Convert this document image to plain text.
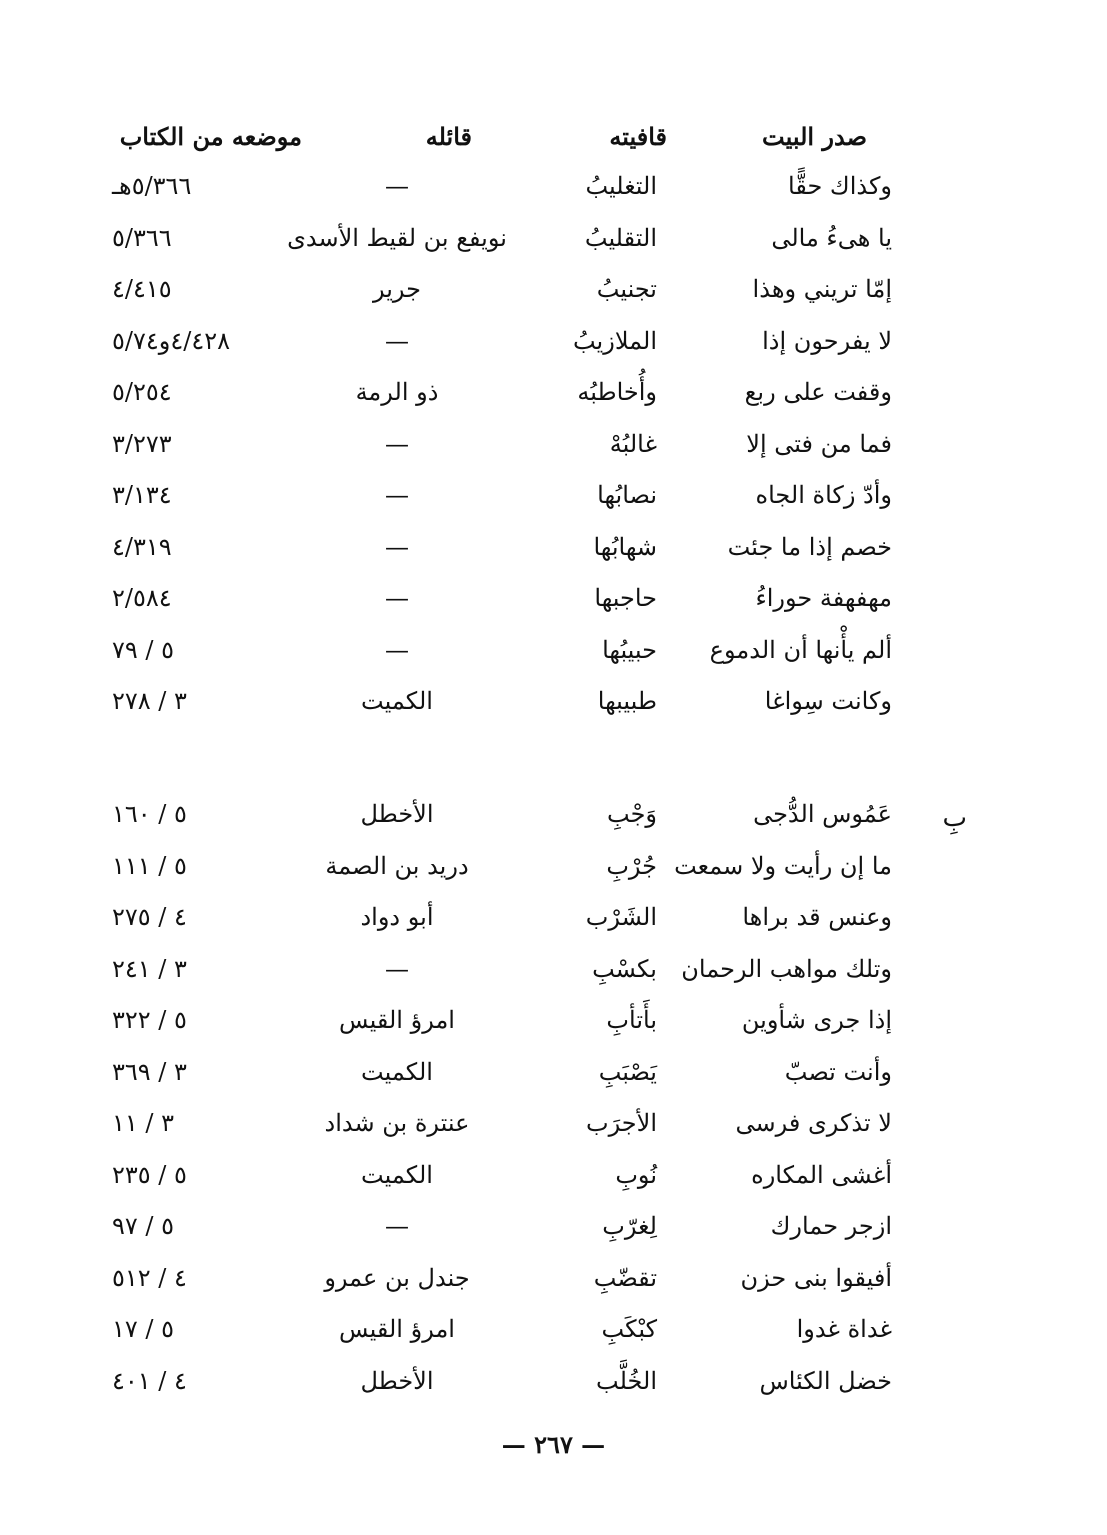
صدر البيت
قافيته
قائله
موضعه من الكتاب
بِ
وكذاك حقًّا
التغليبُ
—
٥/٣٦٦هـ
يا هىءُ مالى
التقليبُ
نويفع بن لقيط الأسدى
٥/٣٦٦
إمّا تريني وهذا
تجنيبُ
جرير
٤/٤١٥
لا يفرحون إذا
الملازيبُ
—
٤/٤٢٨و٥/٧٤
وقفت على ربع
وأُخاطبُه
ذو الرمة
٥/٢٥٤
فما من فتى إلا
غالبُهْ
—
٣/٢٧٣
وأدّ زكاة الجاه
نصابُها
—
٣/١٣٤
خصم إذا ما جئت
شهابُها
—
٤/٣١٩
مهفهفة حوراءُ
حاجبها
—
٢/٥٨٤
ألم يأْنها أن الدموع
حبيبُها
—
٥ / ٧٩
وكانت سِواغا
طبيبها
الكميت
٣ / ٢٧٨
عَمُوس الدُّجى
وَجْبِ
الأخطل
٥ / ١٦٠
ما إن رأيت ولا سمعت
جُرْبِ
دريد بن الصمة
٥ / ١١١
وعنس قد براها
الشَرْب
أبو دواد
٤ / ٢٧٥
وتلك مواهب الرحمان
بكسْبِ
—
٣ / ٢٤١
إذا جرى شأوين
بأَتأبِ
امرؤ القيس
٥ / ٣٢٢
وأنت تصبّ
يَصْبَبِ
الكميت
٣ / ٣٦٩
لا تذكرى فرسى
الأجرَب
عنترة بن شداد
٣ / ١١
أغشى المكاره
نُوبِ
الكميت
٥ / ٢٣٥
ازجر حمارك
لِغرّبِ
—
٥ / ٩٧
أفيقوا بنى حزن
تقضّبِ
جندل بن عمرو
٤ / ٥١٢
غداة غدوا
كبْكَبِ
امرؤ القيس
٥ / ١٧
خضل الكئاس
الخُلَّب
الأخطل
٤ / ٤٠١
— ٢٦٧ —
